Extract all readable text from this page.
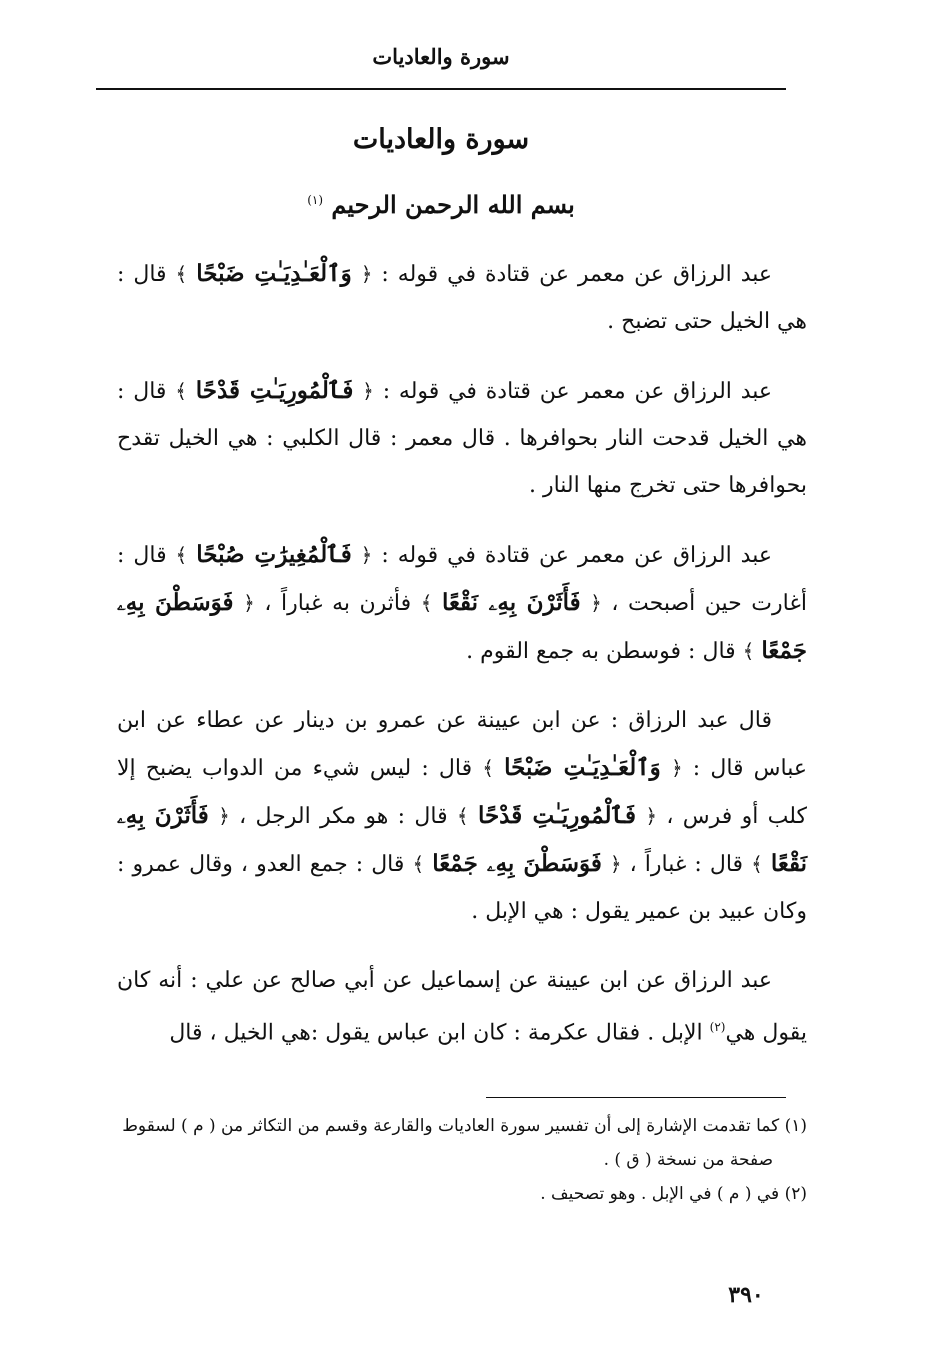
سورة والعاديات
سورة والعاديات
بسم الله الرحمن الرحيم $^{(١)}$

عبد الرزاق عن معمر عن قتادة في قوله : ﴿ وَٱلْعَـٰدِيَـٰتِ ضَبْحًا ﴾ قال : هي الخيل حتى تضبح .

عبد الرزاق عن معمر عن قتادة في قوله : ﴿ فَٱلْمُورِيَـٰتِ قَدْحًا ﴾ قال : هي الخيل قدحت النار بحوافرها . قال معمر : قال الكلبي : هي الخيل تقدح بحوافرها حتى تخرج منها النار .

عبد الرزاق عن معمر عن قتادة في قوله : ﴿ فَٱلْمُغِيرَٰتِ صُبْحًا ﴾ قال : أغارت حين أصبحت ، ﴿ فَأَثَرْنَ بِهِۦ نَقْعًا ﴾ فأثرن به غباراً ، ﴿ فَوَسَطْنَ بِهِۦ جَمْعًا ﴾ قال : فوسطن به جمع القوم .

قال عبد الرزاق : عن ابن عيينة عن عمرو بن دينار عن عطاء عن ابن عباس قال : ﴿ وَٱلْعَـٰدِيَـٰتِ ضَبْحًا ﴾ قال : ليس شيء من الدواب يضبح إلا كلب أو فرس ، ﴿ فَٱلْمُورِيَـٰتِ قَدْحًا ﴾ قال : هو مكر الرجل ، ﴿ فَأَثَرْنَ بِهِۦ نَقْعًا ﴾ قال : غباراً ، ﴿ فَوَسَطْنَ بِهِۦ جَمْعًا ﴾ قال : جمع العدو ، وقال عمرو : وكان عبيد بن عمير يقول : هي الإبل .

عبد الرزاق عن ابن عيينة عن إسماعيل عن أبي صالح عن علي : أنه كان يقول هي$^{(٢)}$ الإبل . فقال عكرمة : كان ابن عباس يقول :هي الخيل ، قال

(١) كما تقدمت الإشارة إلى أن تفسير سورة العاديات والقارعة وقسم من التكاثر من ( م ) لسقوط

صفحة من نسخة ( ق ) .

(٢) في ( م ) في الإبل . وهو تصحيف .

٣٩٠
